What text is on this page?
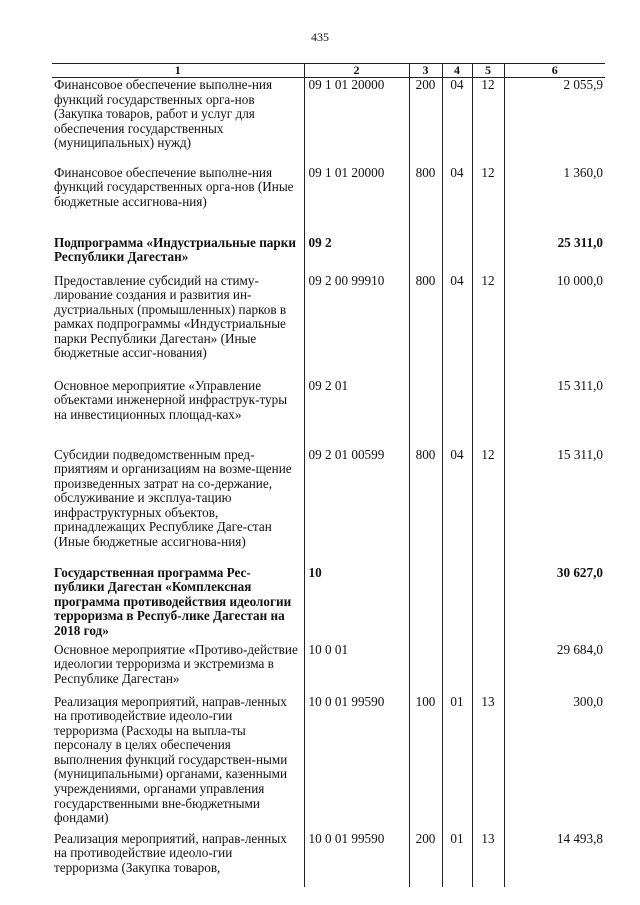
435
1	2	3	4	5	6
Финансовое обеспечение выполне-ния функций государственных орга-нов (Закупка товаров, работ и услуг для обеспечения государственных (муниципальных) нужд)	09 1 01 20000	200	04	12	2 055,9
Финансовое обеспечение выполне-ния функций государственных орга-нов (Иные бюджетные ассигнова-ния)	09 1 01 20000	800	04	12	1 360,0
Подпрограмма «Индустриальные парки Республики Дагестан»	09 2				25 311,0
Предоставление субсидий на стиму-лирование создания и развития ин-дустриальных (промышленных) парков в рамках подпрограммы «Индустриальные парки Республики Дагестан» (Иные бюджетные ассиг-нования)	09 2 00 99910	800	04	12	10 000,0
Основное мероприятие «Управление объектами инженерной инфраструк-туры на инвестиционных площад-ках»	09 2 01				15 311,0
Субсидии подведомственным пред-приятиям и организациям на возме-щение произведенных затрат на со-держание, обслуживание и эксплуа-тацию инфраструктурных объектов, принадлежащих Республике Даге-стан (Иные бюджетные ассигнова-ния)	09 2 01 00599	800	04	12	15 311,0
Государственная программа Рес-публики Дагестан «Комплексная программа противодействия идеологии терроризма в Респуб-лике Дагестан на 2018 год»	10				30 627,0
Основное мероприятие «Противо-действие идеологии терроризма и экстремизма в Республике Дагестан»	10 0 01				29 684,0
Реализация мероприятий, направ-ленных на противодействие идеоло-гии терроризма (Расходы на выпла-ты персоналу в целях обеспечения выполнения функций государствен-ными (муниципальными) органами, казенными учреждениями, органами управления государственными вне-бюджетными фондами)	10 0 01 99590	100	01	13	300,0
Реализация мероприятий, направ-ленных на противодействие идеоло-гии терроризма (Закупка товаров,	10 0 01 99590	200	01	13	14 493,8
